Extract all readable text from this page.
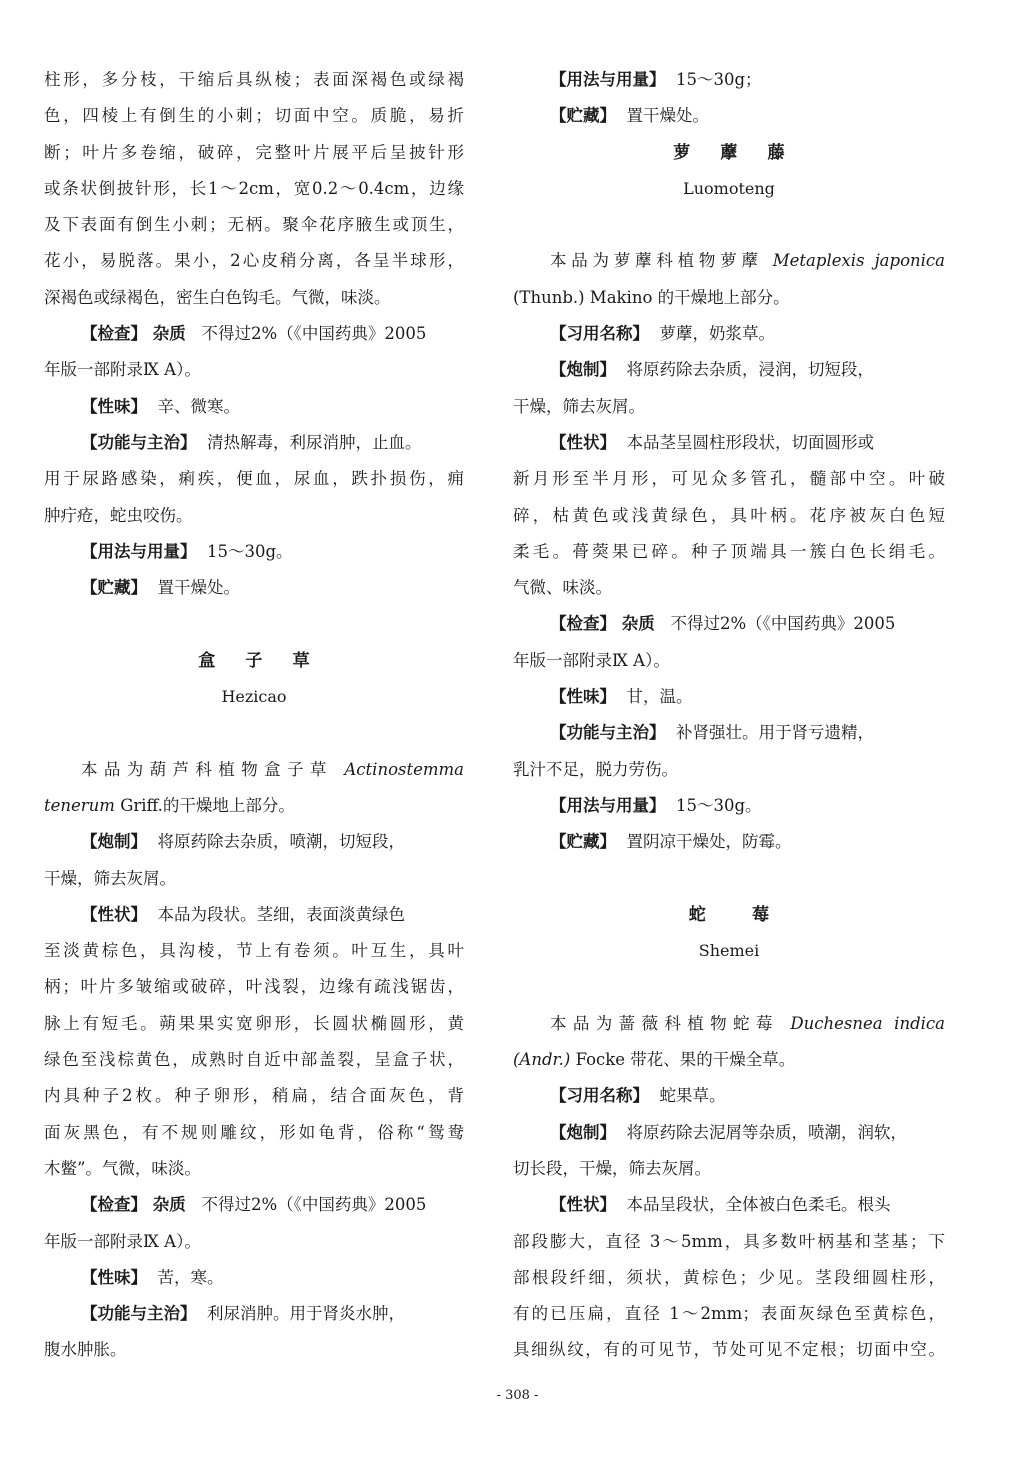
柱形，多分枝，干缩后具纵棱；表面深褐色或绿褐
色，四棱上有倒生的小刺；切面中空。质脆，易折
断；叶片多卷缩，破碎，完整叶片展平后呈披针形
或条状倒披针形，长1～2cm，宽0.2～0.4cm，边缘
及下表面有倒生小刺；无柄。聚伞花序腋生或顶生，
花小，易脱落。果小，2心皮稍分离，各呈半球形，
深褐色或绿褐色，密生白色钩毛。气微，味淡。
【检查】 杂质 不得过2%（《中国药典》2005
年版一部附录Ⅸ A）。
【性味】 辛、微寒。
【功能与主治】 清热解毒，利尿消肿，止血。
用于尿路感染，痢疾，便血，尿血，跌扑损伤，痈
肿疔疮，蛇虫咬伤。
【用法与用量】 15～30g。
【贮藏】 置干燥处。
盒 子 草
Hezicao
本品为葫芦科植物盒子草 Actinostemma
tenerum Griff.的干燥地上部分。
【炮制】 将原药除去杂质，喷潮，切短段，
干燥，筛去灰屑。
【性状】 本品为段状。茎细，表面淡黄绿色
至淡黄棕色，具沟棱，节上有卷须。叶互生，具叶
柄；叶片多皱缩或破碎，叶浅裂，边缘有疏浅锯齿，
脉上有短毛。蒴果果实宽卵形，长圆状椭圆形，黄
绿色至浅棕黄色，成熟时自近中部盖裂，呈盒子状，
内具种子2枚。种子卵形，稍扁，结合面灰色，背
面灰黑色，有不规则雕纹，形如龟背，俗称“鸳鸯
木鳖”。气微，味淡。
【检查】 杂质 不得过2%（《中国药典》2005
年版一部附录Ⅸ A）。
【性味】 苦，寒。
【功能与主治】 利尿消肿。用于肾炎水肿，
腹水肿胀。
【用法与用量】 15～30g；
【贮藏】 置干燥处。
萝 藦 藤
Luomoteng
本品为萝藦科植物萝藦 Metaplexis japonica
(Thunb.) Makino 的干燥地上部分。
【习用名称】 萝藦，奶浆草。
【炮制】 将原药除去杂质，浸润，切短段，
干燥，筛去灰屑。
【性状】 本品茎呈圆柱形段状，切面圆形或
新月形至半月形，可见众多管孔，髓部中空。叶破
碎，枯黄色或浅黄绿色，具叶柄。花序被灰白色短
柔毛。蓇葖果已碎。种子顶端具一簇白色长绢毛。
气微、味淡。
【检查】 杂质 不得过2%（《中国药典》2005
年版一部附录Ⅸ A）。
【性味】 甘，温。
【功能与主治】 补肾强壮。用于肾亏遗精，
乳汁不足，脱力劳伤。
【用法与用量】 15～30g。
【贮藏】 置阴凉干燥处，防霉。
蛇	莓
Shemei
本品为蔷薇科植物蛇莓 Duchesnea indica
(Andr.) Focke 带花、果的干燥全草。
【习用名称】 蛇果草。
【炮制】 将原药除去泥屑等杂质，喷潮，润软，
切长段，干燥，筛去灰屑。
【性状】 本品呈段状，全体被白色柔毛。根头
部段膨大，直径 3～5mm，具多数叶柄基和茎基；下
部根段纤细，须状，黄棕色；少见。茎段细圆柱形，
有的已压扁，直径 1～2mm；表面灰绿色至黄棕色，
具细纵纹，有的可见节，节处可见不定根；切面中空。
- 308 -
